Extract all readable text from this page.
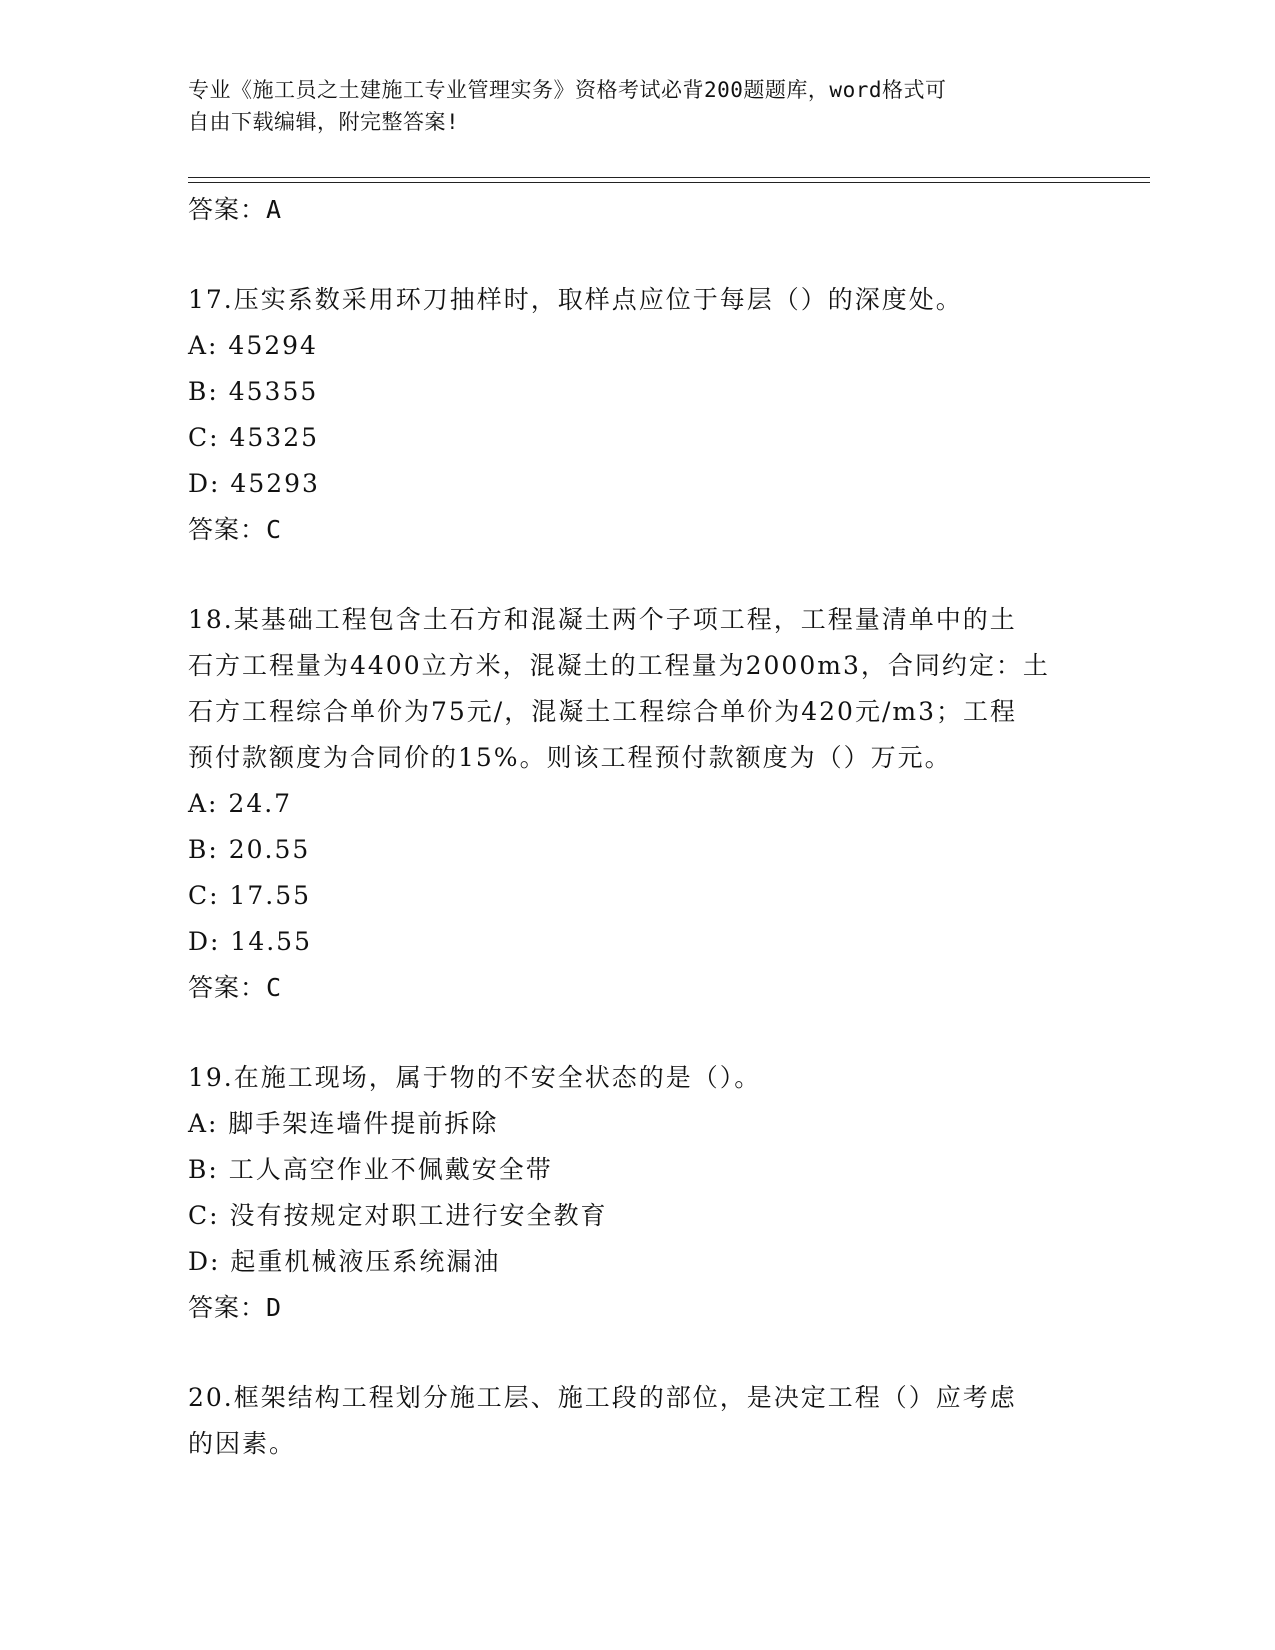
专业《施工员之土建施工专业管理实务》资格考试必背200题题库，word格式可
自由下载编辑，附完整答案!
答案：A
17.压实系数采用环刀抽样时，取样点应位于每层（）的深度处。
A: 45294
B: 45355
C: 45325
D: 45293
答案：C
18.某基础工程包含土石方和混凝土两个子项工程，工程量清单中的土
石方工程量为4400立方米，混凝土的工程量为2000m3，合同约定：土
石方工程综合单价为75元/，混凝土工程综合单价为420元/m3；工程
预付款额度为合同价的15%。则该工程预付款额度为（）万元。
A: 24.7
B: 20.55
C: 17.55
D: 14.55
答案：C
19.在施工现场，属于物的不安全状态的是（）。
A: 脚手架连墙件提前拆除
B: 工人高空作业不佩戴安全带
C: 没有按规定对职工进行安全教育
D: 起重机械液压系统漏油
答案：D
20.框架结构工程划分施工层、施工段的部位，是决定工程（）应考虑
的因素。
